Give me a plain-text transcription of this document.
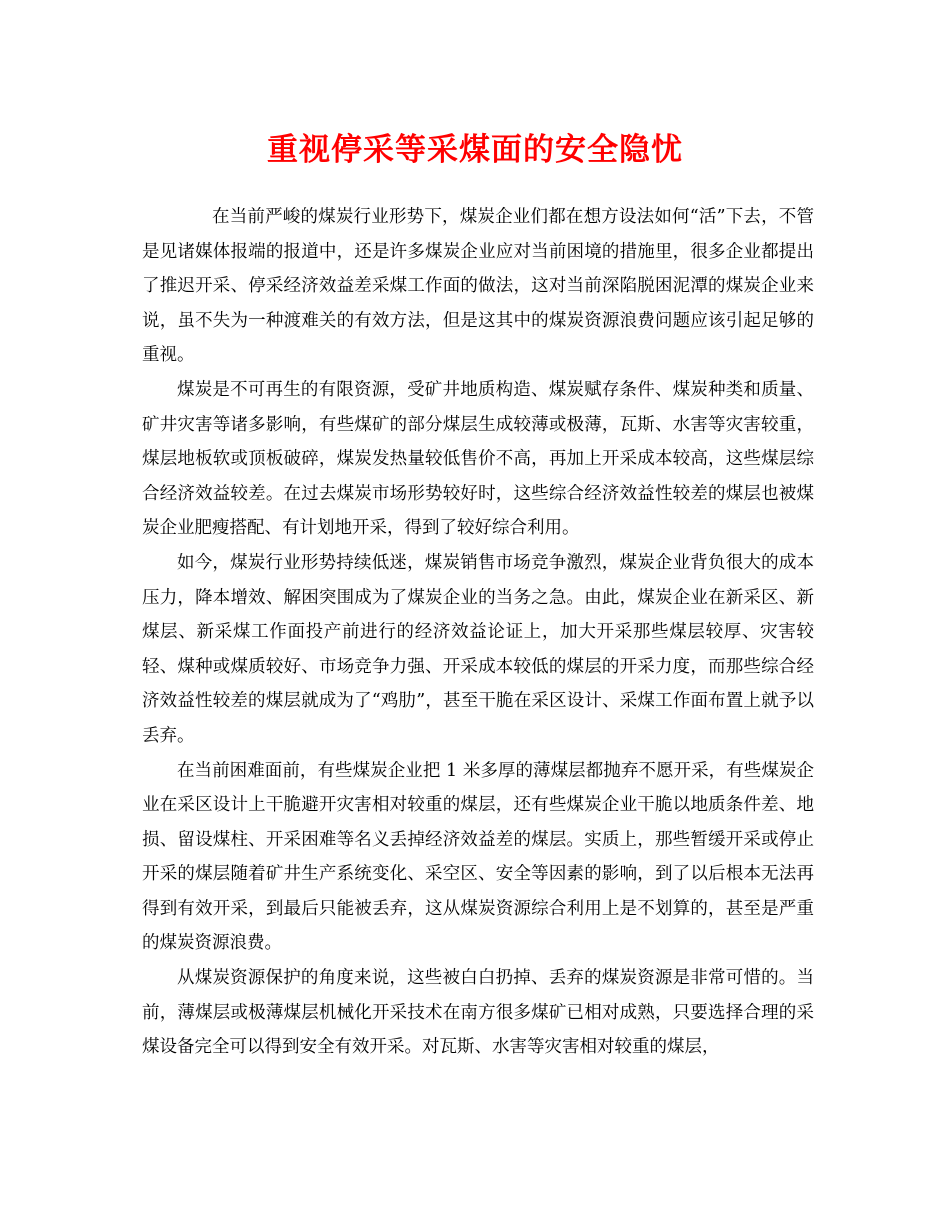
重视停采等采煤面的安全隐忧

在当前严峻的煤炭行业形势下，煤炭企业们都在想方设法如何“活”下去，不管是见诸媒体报端的报道中，还是许多煤炭企业应对当前困境的措施里，很多企业都提出了推迟开采、停采经济效益差采煤工作面的做法，这对当前深陷脱困泥潭的煤炭企业来说，虽不失为一种渡难关的有效方法，但是这其中的煤炭资源浪费问题应该引起足够的重视。

煤炭是不可再生的有限资源，受矿井地质构造、煤炭赋存条件、煤炭种类和质量、矿井灾害等诸多影响，有些煤矿的部分煤层生成较薄或极薄，瓦斯、水害等灾害较重，煤层地板软或顶板破碎，煤炭发热量较低售价不高，再加上开采成本较高，这些煤层综合经济效益较差。在过去煤炭市场形势较好时，这些综合经济效益性较差的煤层也被煤炭企业肥瘦搭配、有计划地开采，得到了较好综合利用。

如今，煤炭行业形势持续低迷，煤炭销售市场竞争激烈，煤炭企业背负很大的成本压力，降本增效、解困突围成为了煤炭企业的当务之急。由此，煤炭企业在新采区、新煤层、新采煤工作面投产前进行的经济效益论证上，加大开采那些煤层较厚、灾害较轻、煤种或煤质较好、市场竞争力强、开采成本较低的煤层的开采力度，而那些综合经济效益性较差的煤层就成为了“鸡肋”，甚至干脆在采区设计、采煤工作面布置上就予以丢弃。

在当前困难面前，有些煤炭企业把 1 米多厚的薄煤层都抛弃不愿开采，有些煤炭企业在采区设计上干脆避开灾害相对较重的煤层，还有些煤炭企业干脆以地质条件差、地损、留设煤柱、开采困难等名义丢掉经济效益差的煤层。实质上，那些暂缓开采或停止开采的煤层随着矿井生产系统变化、采空区、安全等因素的影响，到了以后根本无法再得到有效开采，到最后只能被丢弃，这从煤炭资源综合利用上是不划算的，甚至是严重的煤炭资源浪费。

从煤炭资源保护的角度来说，这些被白白扔掉、丢弃的煤炭资源是非常可惜的。当前，薄煤层或极薄煤层机械化开采技术在南方很多煤矿已相对成熟，只要选择合理的采煤设备完全可以得到安全有效开采。对瓦斯、水害等灾害相对较重的煤层，
